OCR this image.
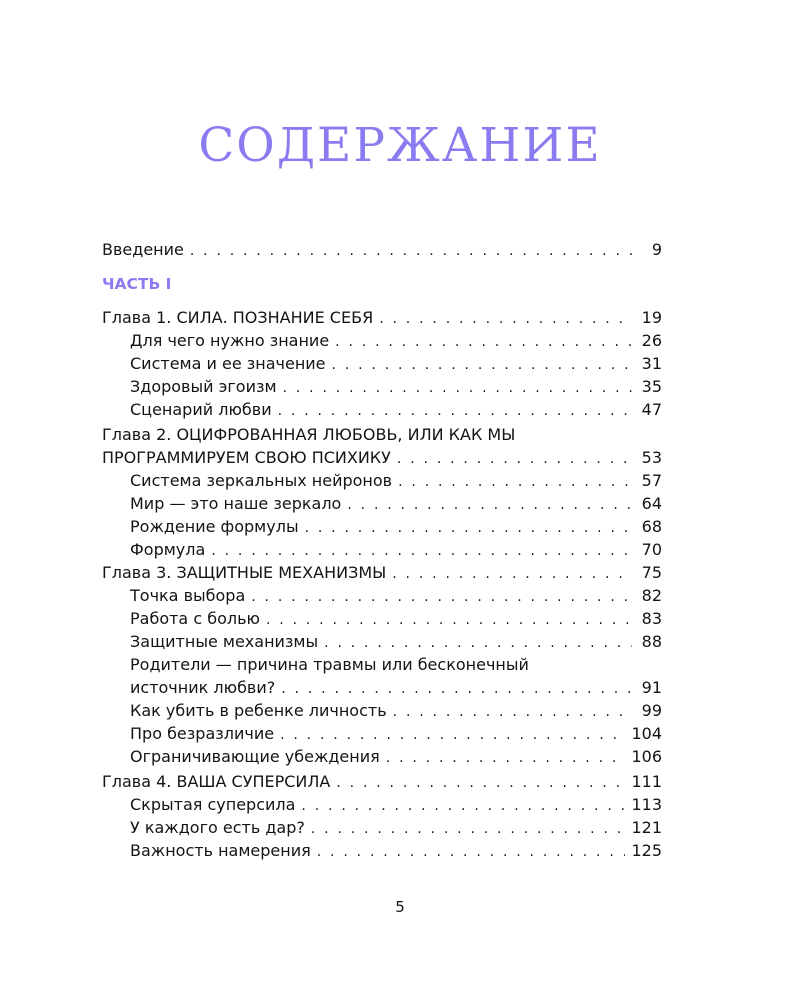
СОДЕРЖАНИЕ
Введение . . .	9
ЧАСТЬ I
Глава 1. СИЛА. ПОЗНАНИЕ СЕБЯ . . .	19
Для чего нужно знание . . .	26
Система и ее значение . . .	31
Здоровый эгоизм . . .	35
Сценарий любви . . .	47
Глава 2. ОЦИФРОВАННАЯ ЛЮБОВЬ, ИЛИ КАК МЫ
ПРОГРАММИРУЕМ СВОЮ ПСИХИКУ . . .	53
Система зеркальных нейронов . . .	57
Мир — это наше зеркало . . .	64
Рождение формулы . . .	68
Формула . . .	70
Глава 3. ЗАЩИТНЫЕ МЕХАНИЗМЫ . . .	75
Точка выбора . . .	82
Работа с болью . . .	83
Защитные механизмы . . .	88
Родители — причина травмы или бесконечный
источник любви? . . .	91
Как убить в ребенке личность . . .	99
Про безразличие . . .	104
Ограничивающие убеждения . . .	106
Глава 4. ВАША СУПЕРСИЛА . . .	111
Скрытая суперсила . . .	113
У каждого есть дар? . . .	121
Важность намерения . . .	125
5
